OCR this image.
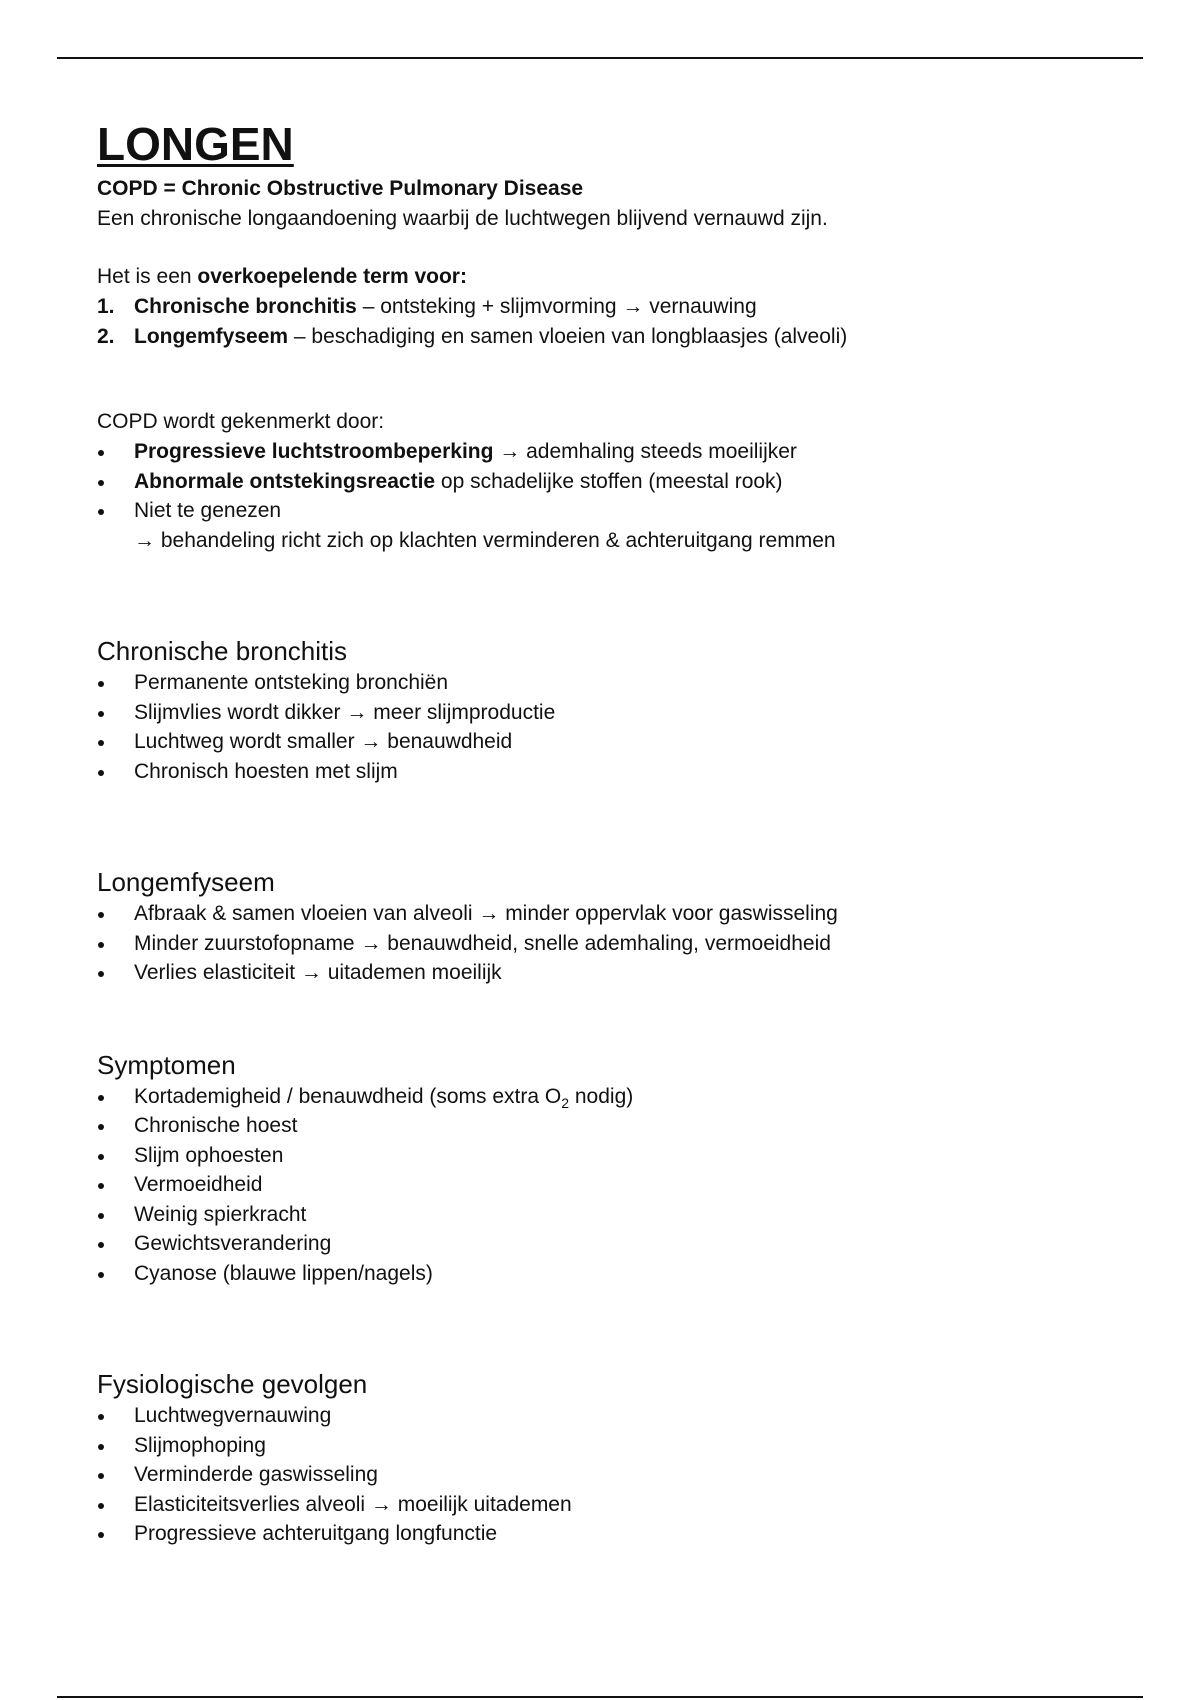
LONGEN
COPD = Chronic Obstructive Pulmonary Disease
Een chronische longaandoening waarbij de luchtwegen blijvend vernauwd zijn.
Het is een overkoepelende term voor:
1. Chronische bronchitis – ontsteking + slijmvorming → vernauwing
2. Longemfyseem – beschadiging en samen vloeien van longblaasjes (alveoli)
COPD wordt gekenmerkt door:
Progressieve luchtstroombeperking → ademhaling steeds moeilijker
Abnormale ontstekingsreactie op schadelijke stoffen (meestal rook)
Niet te genezen
→ behandeling richt zich op klachten verminderen & achteruitgang remmen
Chronische bronchitis
Permanente ontsteking bronchiën
Slijmvlies wordt dikker → meer slijmproductie
Luchtweg wordt smaller → benauwdheid
Chronisch hoesten met slijm
Longemfyseem
Afbraak & samen vloeien van alveoli → minder oppervlak voor gaswisseling
Minder zuurstofopname → benauwdheid, snelle ademhaling, vermoeidheid
Verlies elasticiteit → uitademen moeilijk
Symptomen
Kortademigheid / benauwdheid (soms extra $O_2$ nodig)
Chronische hoest
Slijm ophoesten
Vermoeidheid
Weinig spierkracht
Gewichtsverandering
Cyanose (blauwe lippen/nagels)
Fysiologische gevolgen
Luchtwegvernauwing
Slijmophoping
Verminderde gaswisseling
Elasticiteitsverlies alveoli → moeilijk uitademen
Progressieve achteruitgang longfunctie
